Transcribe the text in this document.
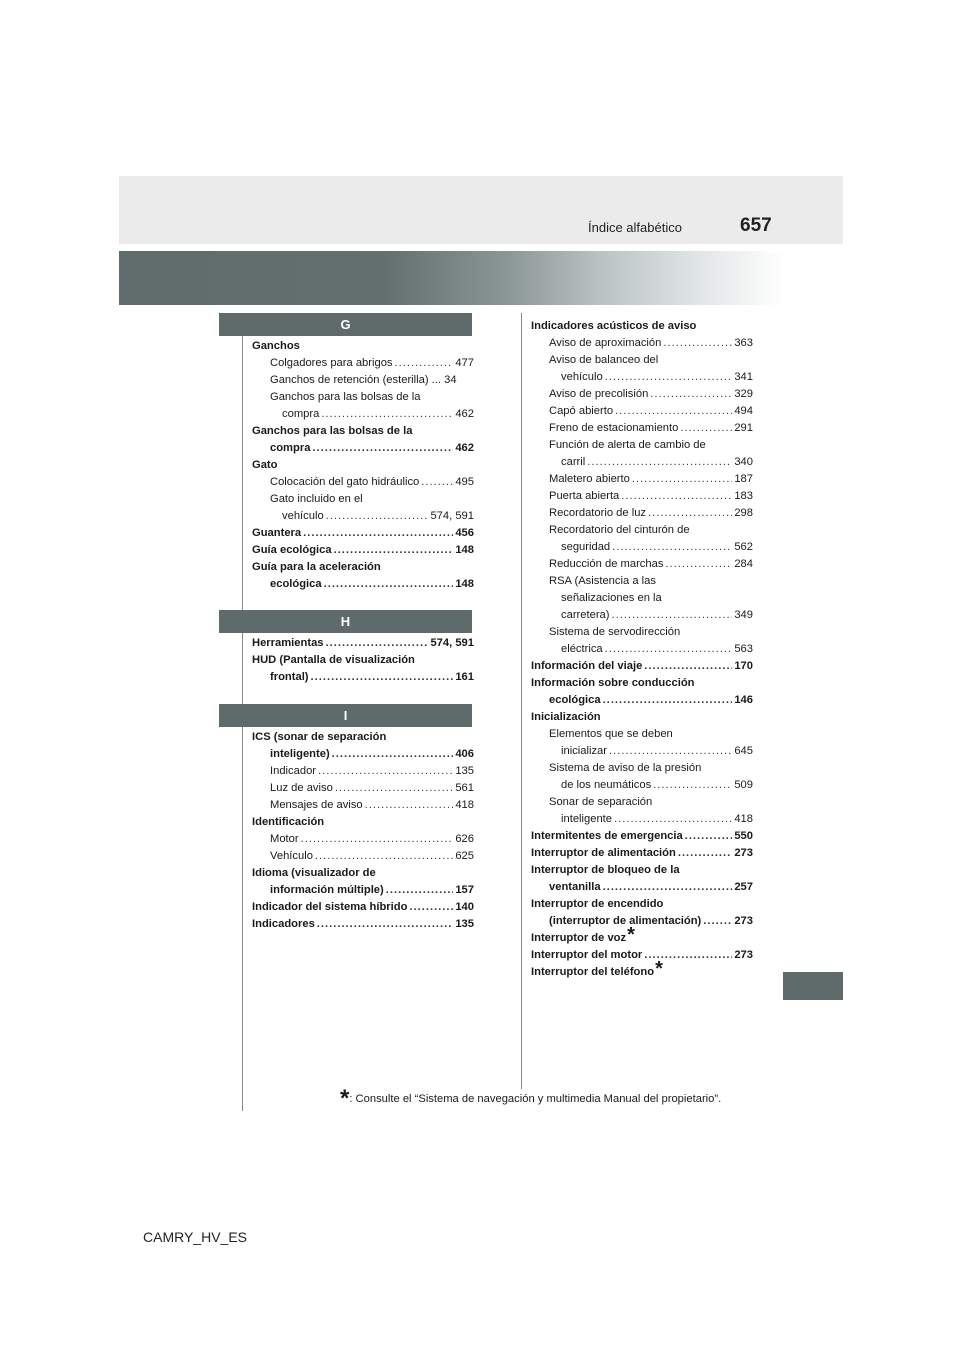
Índice alfabético	657
G
H
I
Ganchos
Colgadores para abrigos .....	477
Ganchos de retención (esterilla) ... 34
Ganchos para las bolsas de la
compra .....	462
Ganchos para las bolsas de la
compra .....	462
Gato
Colocación del gato hidráulico .....	495
Gato incluido en el
vehículo .....	574, 591
Guantera .....	456
Guía ecológica .....	148
Guía para la aceleración
ecológica .....	148
Herramientas .....	574, 591
HUD (Pantalla de visualización
frontal) .....	161
ICS (sonar de separación
inteligente) .....	406
Indicador .....	135
Luz de aviso .....	561
Mensajes de aviso .....	418
Identificación
Motor .....	626
Vehículo .....	625
Idioma (visualizador de
información múltiple) .....	157
Indicador del sistema híbrido .....	140
Indicadores .....	135
Indicadores acústicos de aviso
Aviso de aproximación .....	363
Aviso de balanceo del
vehículo .....	341
Aviso de precolisión .....	329
Capó abierto .....	494
Freno de estacionamiento .....	291
Función de alerta de cambio de
carril .....	340
Maletero abierto .....	187
Puerta abierta .....	183
Recordatorio de luz .....	298
Recordatorio del cinturón de
seguridad .....	562
Reducción de marchas .....	284
RSA (Asistencia a las
señalizaciones en la
carretera) .....	349
Sistema de servodirección
eléctrica .....	563
Información del viaje .....	170
Información sobre conducción
ecológica .....	146
Inicialización
Elementos que se deben
inicializar .....	645
Sistema de aviso de la presión
de los neumáticos .....	509
Sonar de separación
inteligente .....	418
Intermitentes de emergencia .....	550
Interruptor de alimentación .....	273
Interruptor de bloqueo de la
ventanilla .....	257
Interruptor de encendido
(interruptor de alimentación) .....	273
Interruptor de voz *
Interruptor del motor .....	273
Interruptor del teléfono *
*: Consulte el “Sistema de navegación y multimedia Manual del propietario”.
CAMRY_HV_ES
